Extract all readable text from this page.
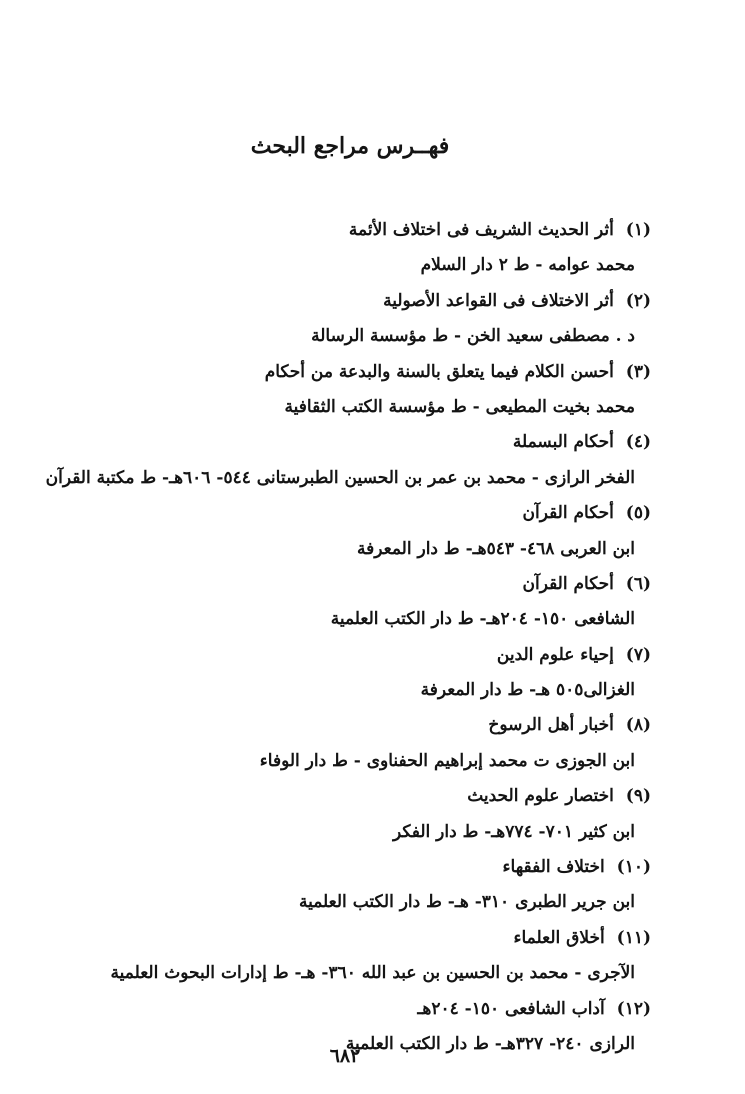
فهــرس مراجع البحث
(١) أثر الحديث الشريف فى اختلاف الأئمة
محمد عوامه - ط ٢ دار السلام
(٢) أثر الاختلاف فى القواعد الأصولية
د . مصطفى سعيد الخن - ط مؤسسة الرسالة
(٣) أحسن الكلام فيما يتعلق بالسنة والبدعة من أحكام
محمد بخيت المطيعى - ط مؤسسة الكتب الثقافية
(٤) أحكام البسملة
الفخر الرازى - محمد بن عمر بن الحسين الطبرستانى ٥٤٤- ٦٠٦هـ- ط مكتبة القرآن
(٥) أحكام القرآن
ابن العربى ٤٦٨- ٥٤٣هـ- ط دار المعرفة
(٦) أحكام القرآن
الشافعى ١٥٠- ٢٠٤هـ- ط دار الكتب العلمية
(٧) إحياء علوم الدين
الغزالى٥٠٥ هـ- ط دار المعرفة
(٨) أخبار أهل الرسوخ
ابن الجوزى ت محمد إبراهيم الحفناوى - ط دار الوفاء
(٩) اختصار علوم الحديث
ابن كثير ٧٠١- ٧٧٤هـ- ط دار الفكر
(١٠) اختلاف الفقهاء
ابن جرير الطبرى ٣١٠- هـ- ط دار الكتب العلمية
(١١) أخلاق العلماء
الآجرى - محمد بن الحسين بن عبد الله ٣٦٠- هـ- ط إدارات البحوث العلمية
(١٢) آداب الشافعى ١٥٠- ٢٠٤هـ
الرازى ٢٤٠- ٣٢٧هـ- ط دار الكتب العلمية
٦٨٢
